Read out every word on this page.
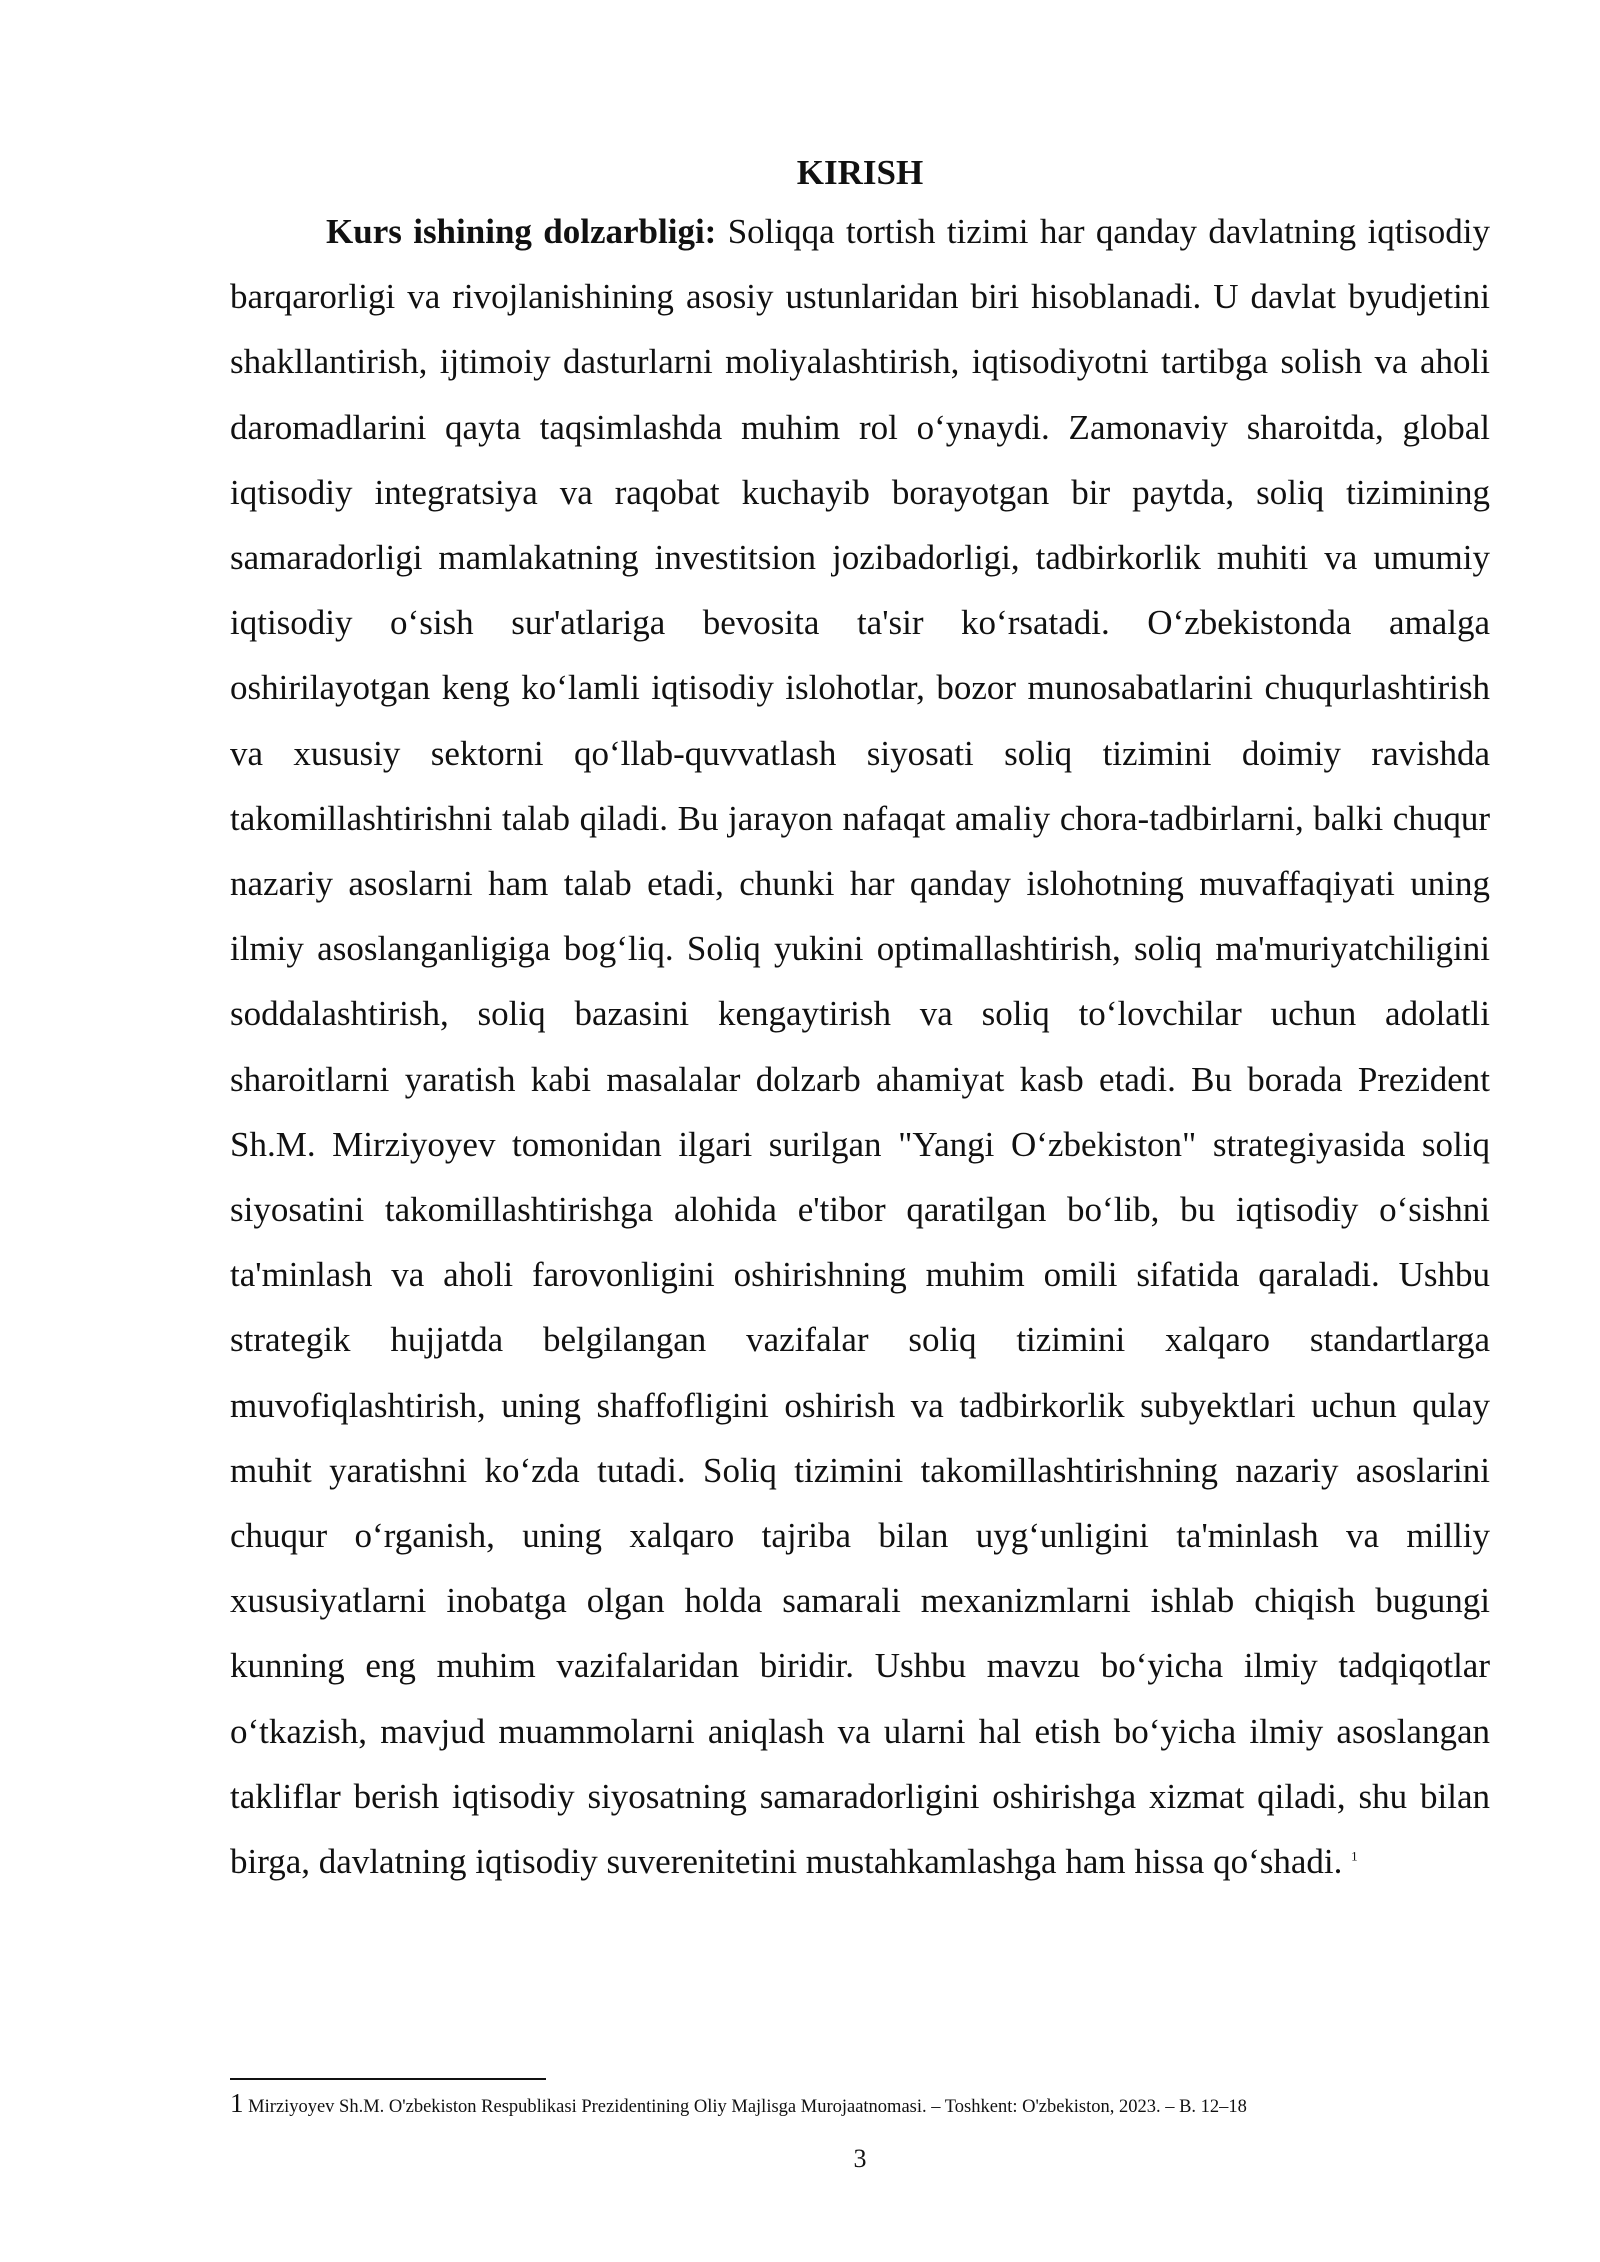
KIRISH

Kurs ishining dolzarbligi: Soliqqa tortish tizimi har qanday davlatning iqtisodiy barqarorligi va rivojlanishining asosiy ustunlaridan biri hisoblanadi. U davlat byudjetini shakllantirish, ijtimoiy dasturlarni moliyalashtirish, iqtisodiyotni tartibga solish va aholi daromadlarini qayta taqsimlashda muhim rol oʻynaydi. Zamonaviy sharoitda, global iqtisodiy integratsiya va raqobat kuchayib borayotgan bir paytda, soliq tizimining samaradorligi mamlakatning investitsion jozibadorligi, tadbirkorlik muhiti va umumiy iqtisodiy oʻsish sur'atlariga bevosita ta'sir koʻrsatadi. Oʻzbekistonda amalga oshirilayotgan keng koʻlamli iqtisodiy islohotlar, bozor munosabatlarini chuqurlashtirish va xususiy sektorni qoʻllab-quvvatlash siyosati soliq tizimini doimiy ravishda takomillashtirishni talab qiladi. Bu jarayon nafaqat amaliy chora-tadbirlarni, balki chuqur nazariy asoslarni ham talab etadi, chunki har qanday islohotning muvaffaqiyati uning ilmiy asoslanganligiga bogʻliq. Soliq yukini optimallashtirish, soliq ma'muriyatchiligini soddalashtirish, soliq bazasini kengaytirish va soliq toʻlovchilar uchun adolatli sharoitlarni yaratish kabi masalalar dolzarb ahamiyat kasb etadi. Bu borada Prezident Sh.M. Mirziyoyev tomonidan ilgari surilgan "Yangi Oʻzbekiston" strategiyasida soliq siyosatini takomillashtirishga alohida e'tibor qaratilgan boʻlib, bu iqtisodiy oʻsishni ta'minlash va aholi farovonligini oshirishning muhim omili sifatida qaraladi. Ushbu strategik hujjatda belgilangan vazifalar soliq tizimini xalqaro standartlarga muvofiqlashtirish, uning shaffofligini oshirish va tadbirkorlik subyektlari uchun qulay muhit yaratishni koʻzda tutadi. Soliq tizimini takomillashtirishning nazariy asoslarini chuqur oʻrganish, uning xalqaro tajriba bilan uygʻunligini ta'minlash va milliy xususiyatlarni inobatga olgan holda samarali mexanizmlarni ishlab chiqish bugungi kunning eng muhim vazifalaridan biridir. Ushbu mavzu boʻyicha ilmiy tadqiqotlar oʻtkazish, mavjud muammolarni aniqlash va ularni hal etish boʻyicha ilmiy asoslangan takliflar berish iqtisodiy siyosatning samaradorligini oshirishga xizmat qiladi, shu bilan birga, davlatning iqtisodiy suverenitetini mustahkamlashga ham hissa qoʻshadi. $^1$

1 Mirziyoyev Sh.M. O'zbekiston Respublikasi Prezidentining Oliy Majlisga Murojaatnomasi. – Toshkent: O'zbekiston, 2023. – B. 12–18
3
